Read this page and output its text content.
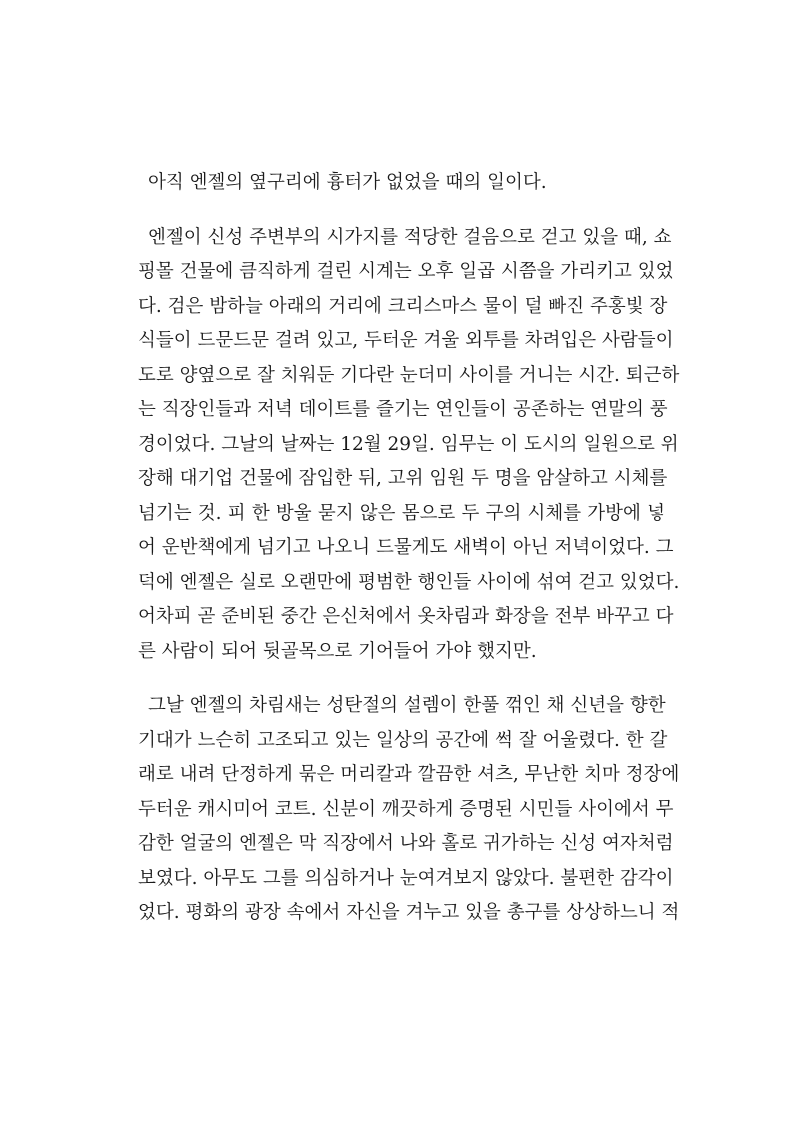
아직 엔젤의 옆구리에 흉터가 없었을 때의 일이다.

엔젤이 신성 주변부의 시가지를 적당한 걸음으로 걷고 있을 때, 쇼
핑몰 건물에 큼직하게 걸린 시계는 오후 일곱 시쯤을 가리키고 있었
다. 검은 밤하늘 아래의 거리에 크리스마스 물이 덜 빠진 주홍빛 장
식들이 드문드문 걸려 있고, 두터운 겨울 외투를 차려입은 사람들이
도로 양옆으로 잘 치워둔 기다란 눈더미 사이를 거니는 시간. 퇴근하
는 직장인들과 저녁 데이트를 즐기는 연인들이 공존하는 연말의 풍
경이었다. 그날의 날짜는 12월 29일. 임무는 이 도시의 일원으로 위
장해 대기업 건물에 잠입한 뒤, 고위 임원 두 명을 암살하고 시체를
넘기는 것. 피 한 방울 묻지 않은 몸으로 두 구의 시체를 가방에 넣
어 운반책에게 넘기고 나오니 드물게도 새벽이 아닌 저녁이었다. 그
덕에 엔젤은 실로 오랜만에 평범한 행인들 사이에 섞여 걷고 있었다.
어차피 곧 준비된 중간 은신처에서 옷차림과 화장을 전부 바꾸고 다
른 사람이 되어 뒷골목으로 기어들어 가야 했지만.

그날 엔젤의 차림새는 성탄절의 설렘이 한풀 꺾인 채 신년을 향한
기대가 느슨히 고조되고 있는 일상의 공간에 썩 잘 어울렸다. 한 갈
래로 내려 단정하게 묶은 머리칼과 깔끔한 셔츠, 무난한 치마 정장에
두터운 캐시미어 코트. 신분이 깨끗하게 증명된 시민들 사이에서 무
감한 얼굴의 엔젤은 막 직장에서 나와 홀로 귀가하는 신성 여자처럼
보였다. 아무도 그를 의심하거나 눈여겨보지 않았다. 불편한 감각이
었다. 평화의 광장 속에서 자신을 겨누고 있을 총구를 상상하느니 적
